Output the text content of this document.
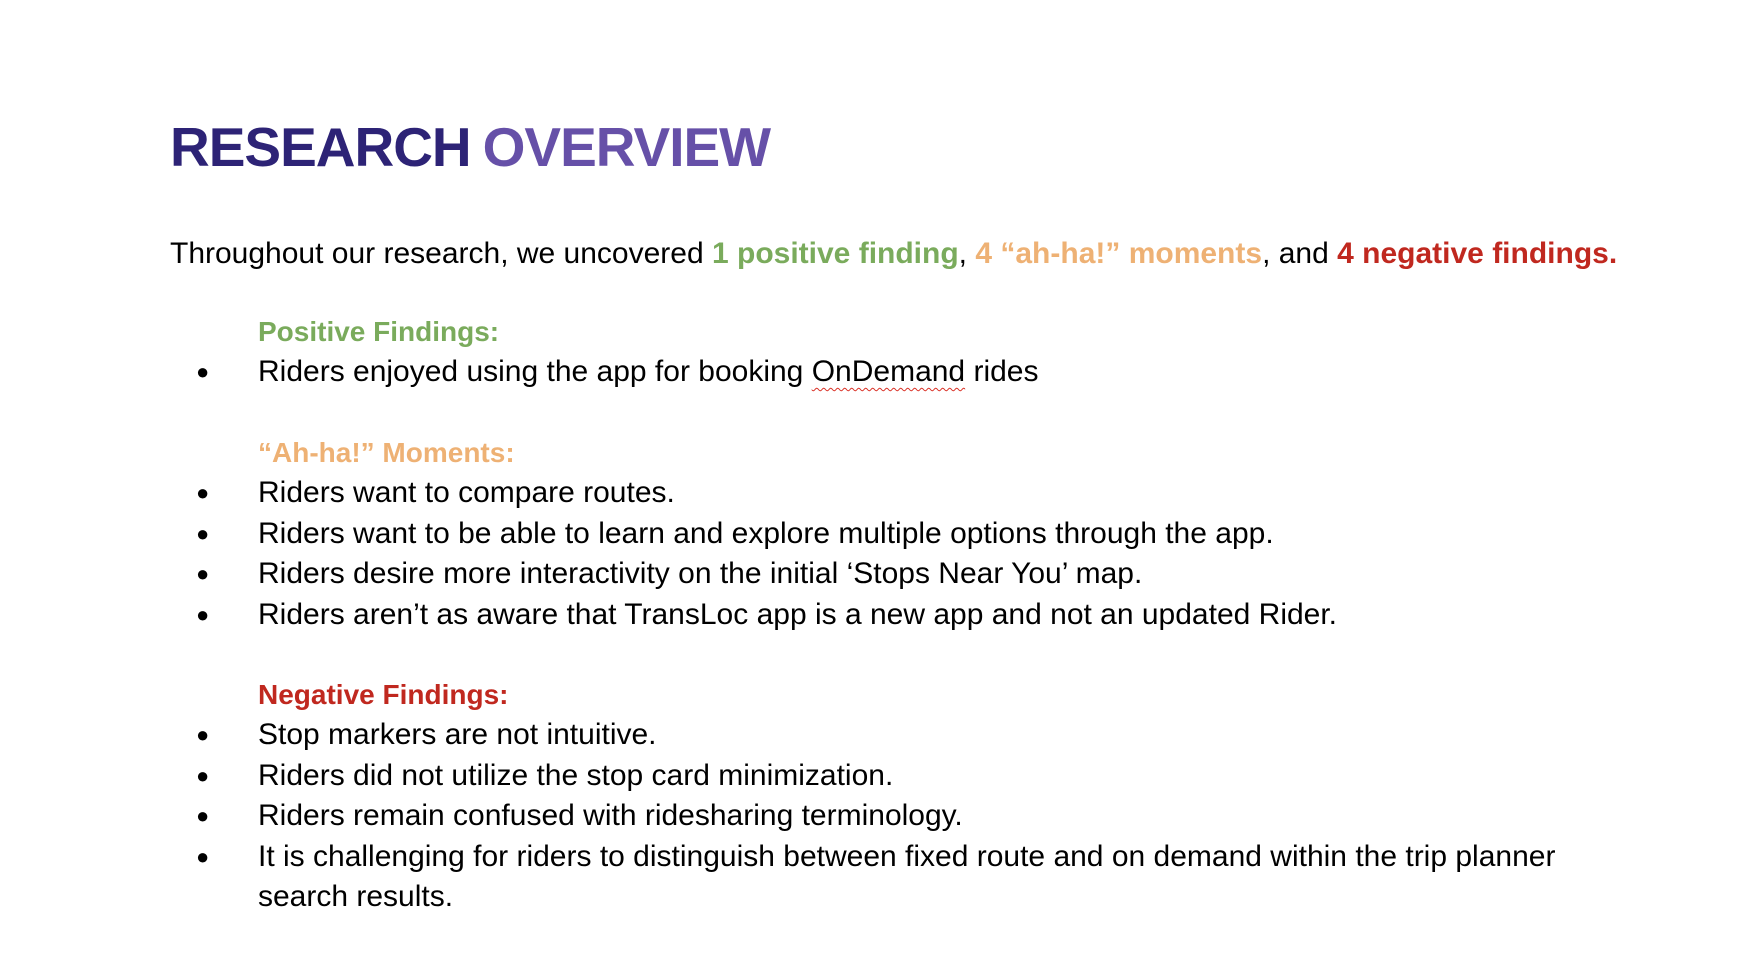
RESEARCH OVERVIEW
Throughout our research, we uncovered 1 positive finding, 4 “ah-ha!” moments, and 4 negative findings.
Positive Findings:
● Riders enjoyed using the app for booking OnDemand rides
“Ah-ha!” Moments:
● Riders want to compare routes.
● Riders want to be able to learn and explore multiple options through the app.
● Riders desire more interactivity on the initial ‘Stops Near You’ map.
● Riders aren’t as aware that TransLoc app is a new app and not an updated Rider.
Negative Findings:
● Stop markers are not intuitive.
● Riders did not utilize the stop card minimization.
● Riders remain confused with ridesharing terminology.
● It is challenging for riders to distinguish between fixed route and on demand within the trip planner search results.
